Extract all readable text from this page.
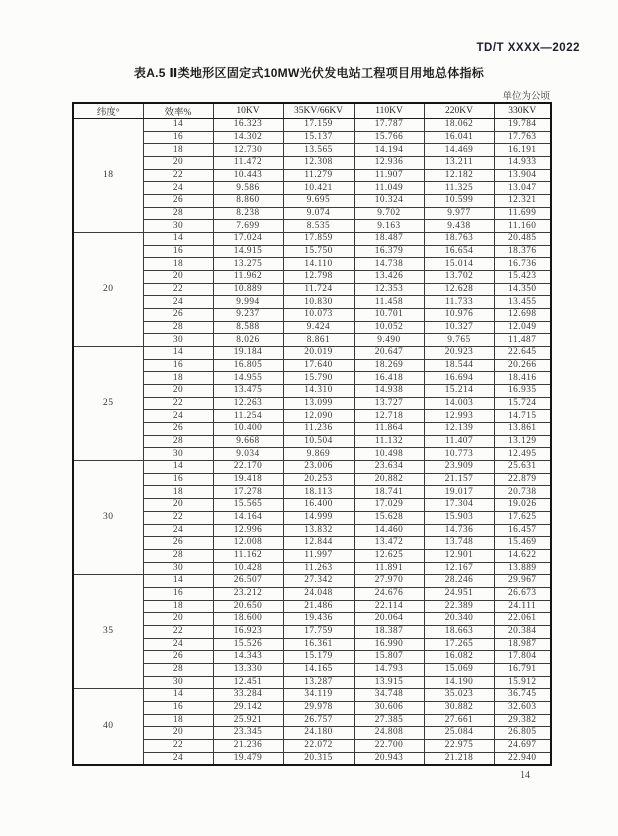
TD/T XXXX—2022
表A.5 Ⅱ类地形区固定式10MW光伏发电站工程项目用地总体指标
单位为公顷
纬度°	效率%	10KV	35KV/66KV	110KV	220KV	330KV
18	14	16.323	17.159	17.787	18.062	19.784
	16	14.302	15.137	15.766	16.041	17.763
	18	12.730	13.565	14.194	14.469	16.191
	20	11.472	12.308	12.936	13.211	14.933
	22	10.443	11.279	11.907	12.182	13.904
	24	9.586	10.421	11.049	11.325	13.047
	26	8.860	9.695	10.324	10.599	12.321
	28	8.238	9.074	9.702	9.977	11.699
	30	7.699	8.535	9.163	9.438	11.160
20	14	17.024	17.859	18.487	18.763	20.485
	16	14.915	15.750	16.379	16.654	18.376
	18	13.275	14.110	14.738	15.014	16.736
	20	11.962	12.798	13.426	13.702	15.423
	22	10.889	11.724	12.353	12.628	14.350
	24	9.994	10.830	11.458	11.733	13.455
	26	9.237	10.073	10.701	10.976	12.698
	28	8.588	9.424	10.052	10.327	12.049
	30	8.026	8.861	9.490	9.765	11.487
25	14	19.184	20.019	20.647	20.923	22.645
	16	16.805	17.640	18.269	18.544	20.266
	18	14.955	15.790	16.418	16.694	18.416
	20	13.475	14.310	14.938	15.214	16.935
	22	12.263	13.099	13.727	14.003	15.724
	24	11.254	12.090	12.718	12.993	14.715
	26	10.400	11.236	11.864	12.139	13.861
	28	9.668	10.504	11.132	11.407	13.129
	30	9.034	9.869	10.498	10.773	12.495
30	14	22.170	23.006	23.634	23.909	25.631
	16	19.418	20.253	20.882	21.157	22.879
	18	17.278	18.113	18.741	19.017	20.738
	20	15.565	16.400	17.029	17.304	19.026
	22	14.164	14.999	15.628	15.903	17.625
	24	12.996	13.832	14.460	14.736	16.457
	26	12.008	12.844	13.472	13.748	15.469
	28	11.162	11.997	12.625	12.901	14.622
	30	10.428	11.263	11.891	12.167	13.889
35	14	26.507	27.342	27.970	28.246	29.967
	16	23.212	24.048	24.676	24.951	26.673
	18	20.650	21.486	22.114	22.389	24.111
	20	18.600	19.436	20.064	20.340	22.061
	22	16.923	17.759	18.387	18.663	20.384
	24	15.526	16.361	16.990	17.265	18.987
	26	14.343	15.179	15.807	16.082	17.804
	28	13.330	14.165	14.793	15.069	16.791
	30	12.451	13.287	13.915	14.190	15.912
40	14	33.284	34.119	34.748	35.023	36.745
	16	29.142	29.978	30.606	30.882	32.603
	18	25.921	26.757	27.385	27.661	29.382
	20	23.345	24.180	24.808	25.084	26.805
	22	21.236	22.072	22.700	22.975	24.697
	24	19.479	20.315	20.943	21.218	22.940
14
